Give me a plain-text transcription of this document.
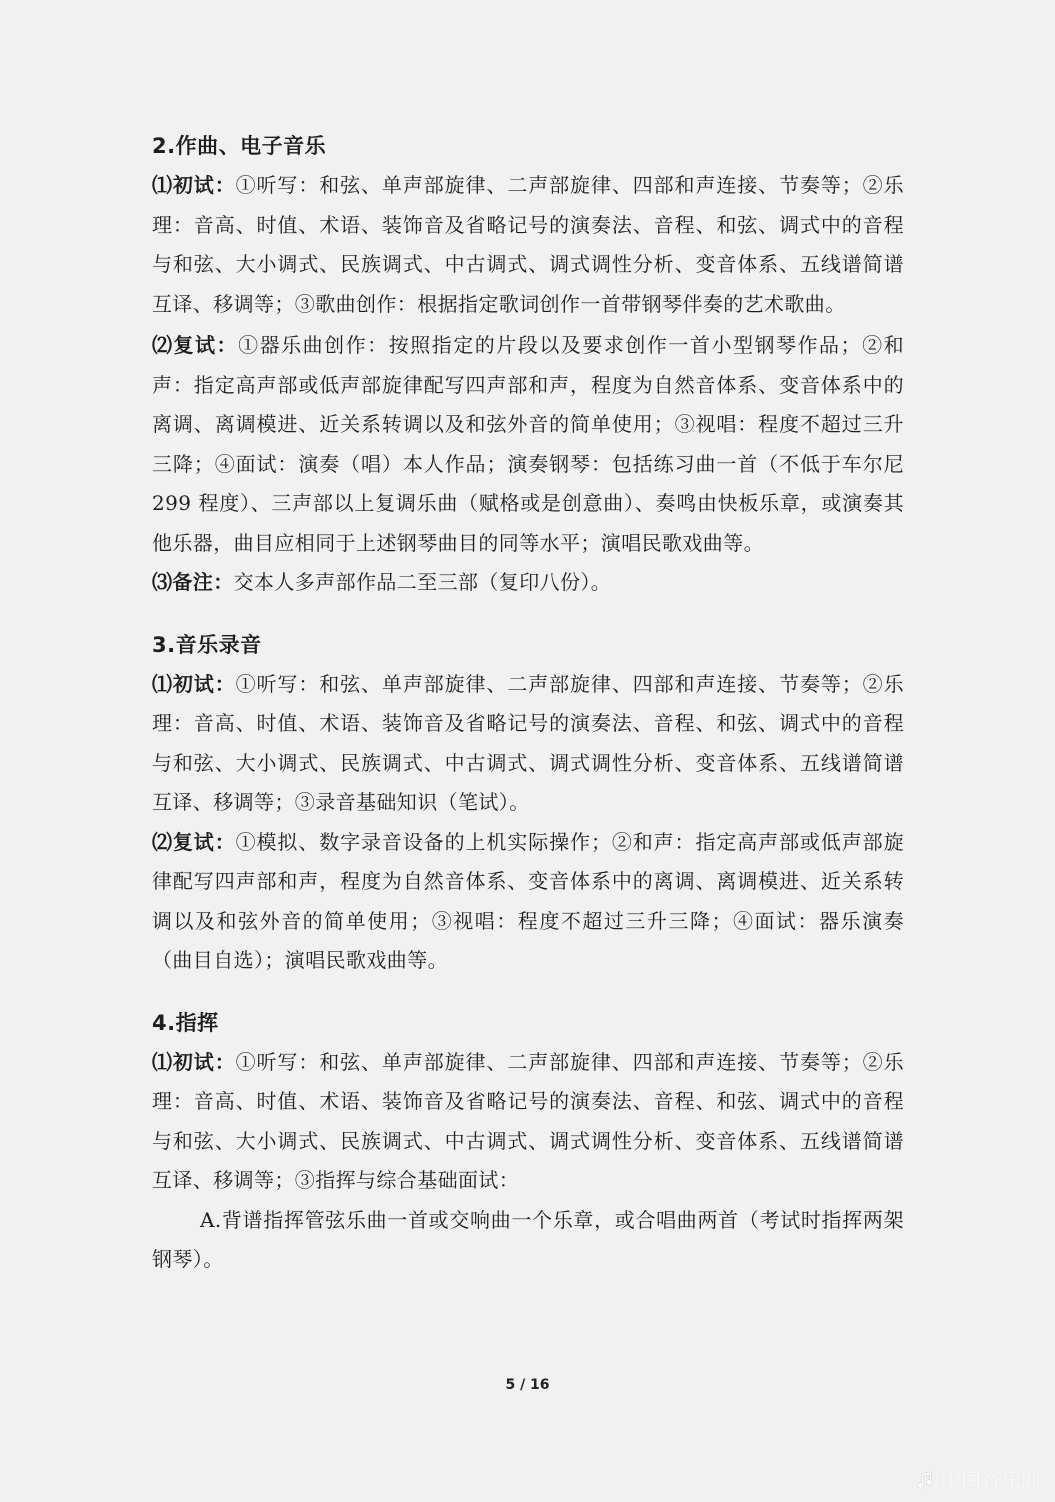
2.作曲、电子音乐

⑴初试：①听写：和弦、单声部旋律、二声部旋律、四部和声连接、节奏等；②乐理：音高、时值、术语、装饰音及省略记号的演奏法、音程、和弦、调式中的音程与和弦、大小调式、民族调式、中古调式、调式调性分析、变音体系、五线谱简谱互译、移调等；③歌曲创作：根据指定歌词创作一首带钢琴伴奏的艺术歌曲。

⑵复试：①器乐曲创作：按照指定的片段以及要求创作一首小型钢琴作品；②和声：指定高声部或低声部旋律配写四声部和声，程度为自然音体系、变音体系中的离调、离调模进、近关系转调以及和弦外音的简单使用；③视唱：程度不超过三升三降；④面试：演奏（唱）本人作品；演奏钢琴：包括练习曲一首（不低于车尔尼299 程度）、三声部以上复调乐曲（赋格或是创意曲）、奏鸣由快板乐章，或演奏其他乐器，曲目应相同于上述钢琴曲目的同等水平；演唱民歌戏曲等。

⑶备注：交本人多声部作品二至三部（复印八份）。

3.音乐录音

⑴初试：①听写：和弦、单声部旋律、二声部旋律、四部和声连接、节奏等；②乐理：音高、时值、术语、装饰音及省略记号的演奏法、音程、和弦、调式中的音程与和弦、大小调式、民族调式、中古调式、调式调性分析、变音体系、五线谱简谱互译、移调等；③录音基础知识（笔试）。

⑵复试：①模拟、数字录音设备的上机实际操作；②和声：指定高声部或低声部旋律配写四声部和声，程度为自然音体系、变音体系中的离调、离调模进、近关系转调以及和弦外音的简单使用；③视唱：程度不超过三升三降；④面试：器乐演奏（曲目自选）；演唱民歌戏曲等。

4.指挥

⑴初试：①听写：和弦、单声部旋律、二声部旋律、四部和声连接、节奏等；②乐理：音高、时值、术语、装饰音及省略记号的演奏法、音程、和弦、调式中的音程与和弦、大小调式、民族调式、中古调式、调式调性分析、变音体系、五线谱简谱互译、移调等；③指挥与综合基础面试：

A.背谱指挥管弦乐曲一首或交响曲一个乐章，或合唱曲两首（考试时指挥两架钢琴）。

5 / 16
中国音乐网
